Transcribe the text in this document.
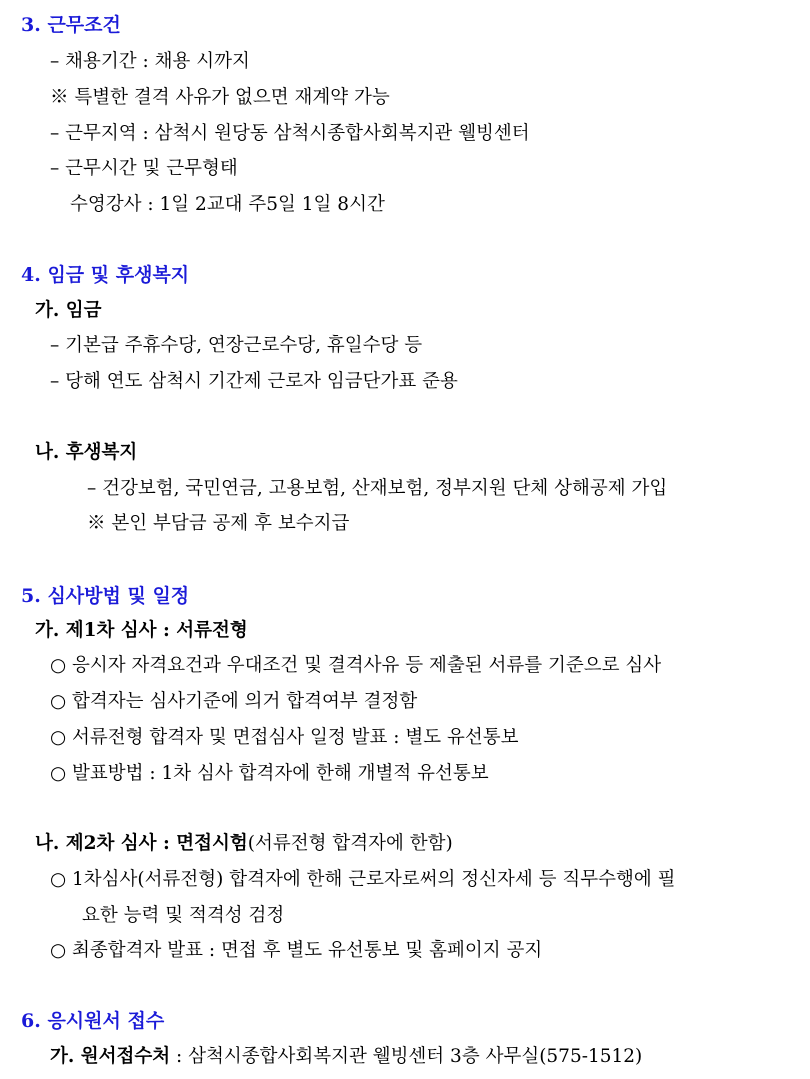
3. 근무조건
– 채용기간 : 채용 시까지
※ 특별한 결격 사유가 없으면 재계약 가능
– 근무지역 : 삼척시 원당동 삼척시종합사회복지관 웰빙센터
– 근무시간 및 근무형태
수영강사 : 1일 2교대 주5일 1일 8시간
4. 임금 및 후생복지
가. 임금
– 기본급 주휴수당, 연장근로수당, 휴일수당 등
– 당해 연도 삼척시 기간제 근로자 임금단가표 준용
나. 후생복지
– 건강보험, 국민연금, 고용보험, 산재보험, 정부지원 단체 상해공제 가입
※ 본인 부담금 공제 후 보수지급
5. 심사방법 및 일정
가. 제1차 심사 : 서류전형
○ 응시자 자격요건과 우대조건 및 결격사유 등 제출된 서류를 기준으로 심사
○ 합격자는 심사기준에 의거 합격여부 결정함
○ 서류전형 합격자 및 면접심사 일정 발표 : 별도 유선통보
○ 발표방법 : 1차 심사 합격자에 한해 개별적 유선통보
나. 제2차 심사 : 면접시험(서류전형 합격자에 한함)
○ 1차심사(서류전형) 합격자에 한해 근로자로써의 정신자세 등 직무수행에 필
요한 능력 및 적격성 검정
○ 최종합격자 발표 : 면접 후 별도 유선통보 및 홈페이지 공지
6. 응시원서 접수
가. 원서접수처 : 삼척시종합사회복지관 웰빙센터 3층 사무실(575-1512)
